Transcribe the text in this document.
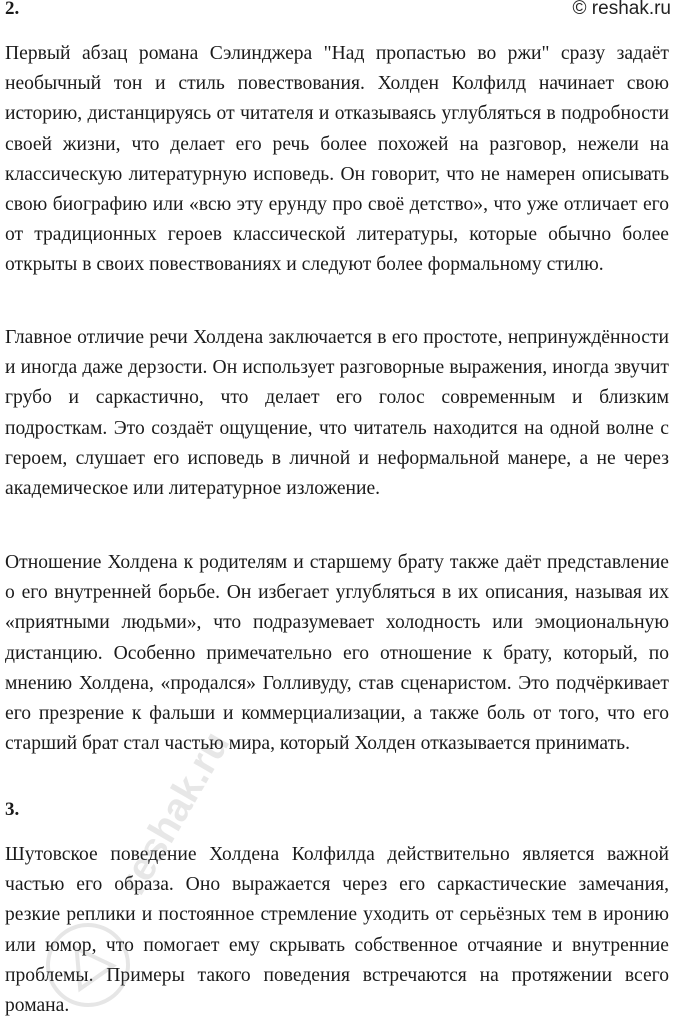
2.	© reshak.ru

Первый абзац романа Сэлинджера "Над пропастью во ржи" сразу задаёт необычный тон и стиль повествования. Холден Колфилд начинает свою историю, дистанцируясь от читателя и отказываясь углубляться в подробности своей жизни, что делает его речь более похожей на разговор, нежели на классическую литературную исповедь. Он говорит, что не намерен описывать свою биографию или «всю эту ерунду про своё детство», что уже отличает его от традиционных героев классической литературы, которые обычно более открыты в своих повествованиях и следуют более формальному стилю.

Главное отличие речи Холдена заключается в его простоте, непринуждённости и иногда даже дерзости. Он использует разговорные выражения, иногда звучит грубо и саркастично, что делает его голос современным и близким подросткам. Это создаёт ощущение, что читатель находится на одной волне с героем, слушает его исповедь в личной и неформальной манере, а не через академическое или литературное изложение.

Отношение Холдена к родителям и старшему брату также даёт представление о его внутренней борьбе. Он избегает углубляться в их описания, называя их «приятными людьми», что подразумевает холодность или эмоциональную дистанцию. Особенно примечательно его отношение к брату, который, по мнению Холдена, «продался» Голливуду, став сценаристом. Это подчёркивает его презрение к фальши и коммерциализации, а также боль от того, что его старший брат стал частью мира, который Холден отказывается принимать.

3.

Шутовское поведение Холдена Колфилда действительно является важной частью его образа. Оно выражается через его саркастические замечания, резкие реплики и постоянное стремление уходить от серьёзных тем в иронию или юмор, что помогает ему скрывать собственное отчаяние и внутренние проблемы. Примеры такого поведения встречаются на протяжении всего романа.

reshak.ru
